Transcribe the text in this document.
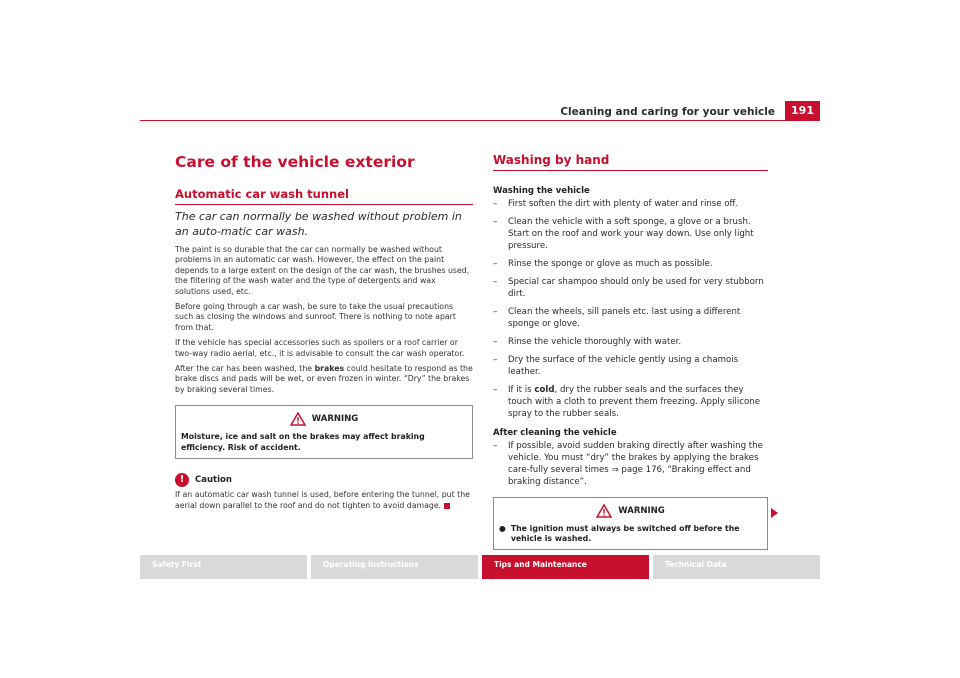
Cleaning and caring for your vehicle	191
Care of the vehicle exterior
Automatic car wash tunnel

The car can normally be washed without problem in an auto-matic car wash.

The paint is so durable that the car can normally be washed without problems in an automatic car wash. However, the effect on the paint depends to a large extent on the design of the car wash, the brushes used, the filtering of the wash water and the type of detergents and wax solutions used, etc.

Before going through a car wash, be sure to take the usual precautions such as closing the windows and sunroof. There is nothing to note apart from that.

If the vehicle has special accessories such as spoilers or a roof carrier or two-way radio aerial, etc., it is advisable to consult the car wash operator.

After the car has been washed, the brakes could hesitate to respond as the brake discs and pads will be wet, or even frozen in winter. “Dry” the brakes by braking several times.

WARNING
Moisture, ice and salt on the brakes may affect braking efficiency. Risk of accident.
!	Caution

If an automatic car wash tunnel is used, before entering the tunnel, put the aerial down parallel to the roof and do not tighten to avoid damage.

Washing by hand
Washing the vehicle
– First soften the dirt with plenty of water and rinse off.
– Clean the vehicle with a soft sponge, a glove or a brush. Start on the roof and work your way down. Use only light pressure.
– Rinse the sponge or glove as much as possible.
– Special car shampoo should only be used for very stubborn dirt.
– Clean the wheels, sill panels etc. last using a different sponge or glove.
– Rinse the vehicle thoroughly with water.
– Dry the surface of the vehicle gently using a chamois leather.
– If it is cold, dry the rubber seals and the surfaces they touch with a cloth to prevent them freezing. Apply silicone spray to the rubber seals.
After cleaning the vehicle
– If possible, avoid sudden braking directly after washing the vehicle. You must “dry” the brakes by applying the brakes care-fully several times ⇒ page 176, “Braking effect and braking distance”.
WARNING
● The ignition must always be switched off before the vehicle is washed.
Safety First	Operating instructions	Tips and Maintenance	Technical Data
